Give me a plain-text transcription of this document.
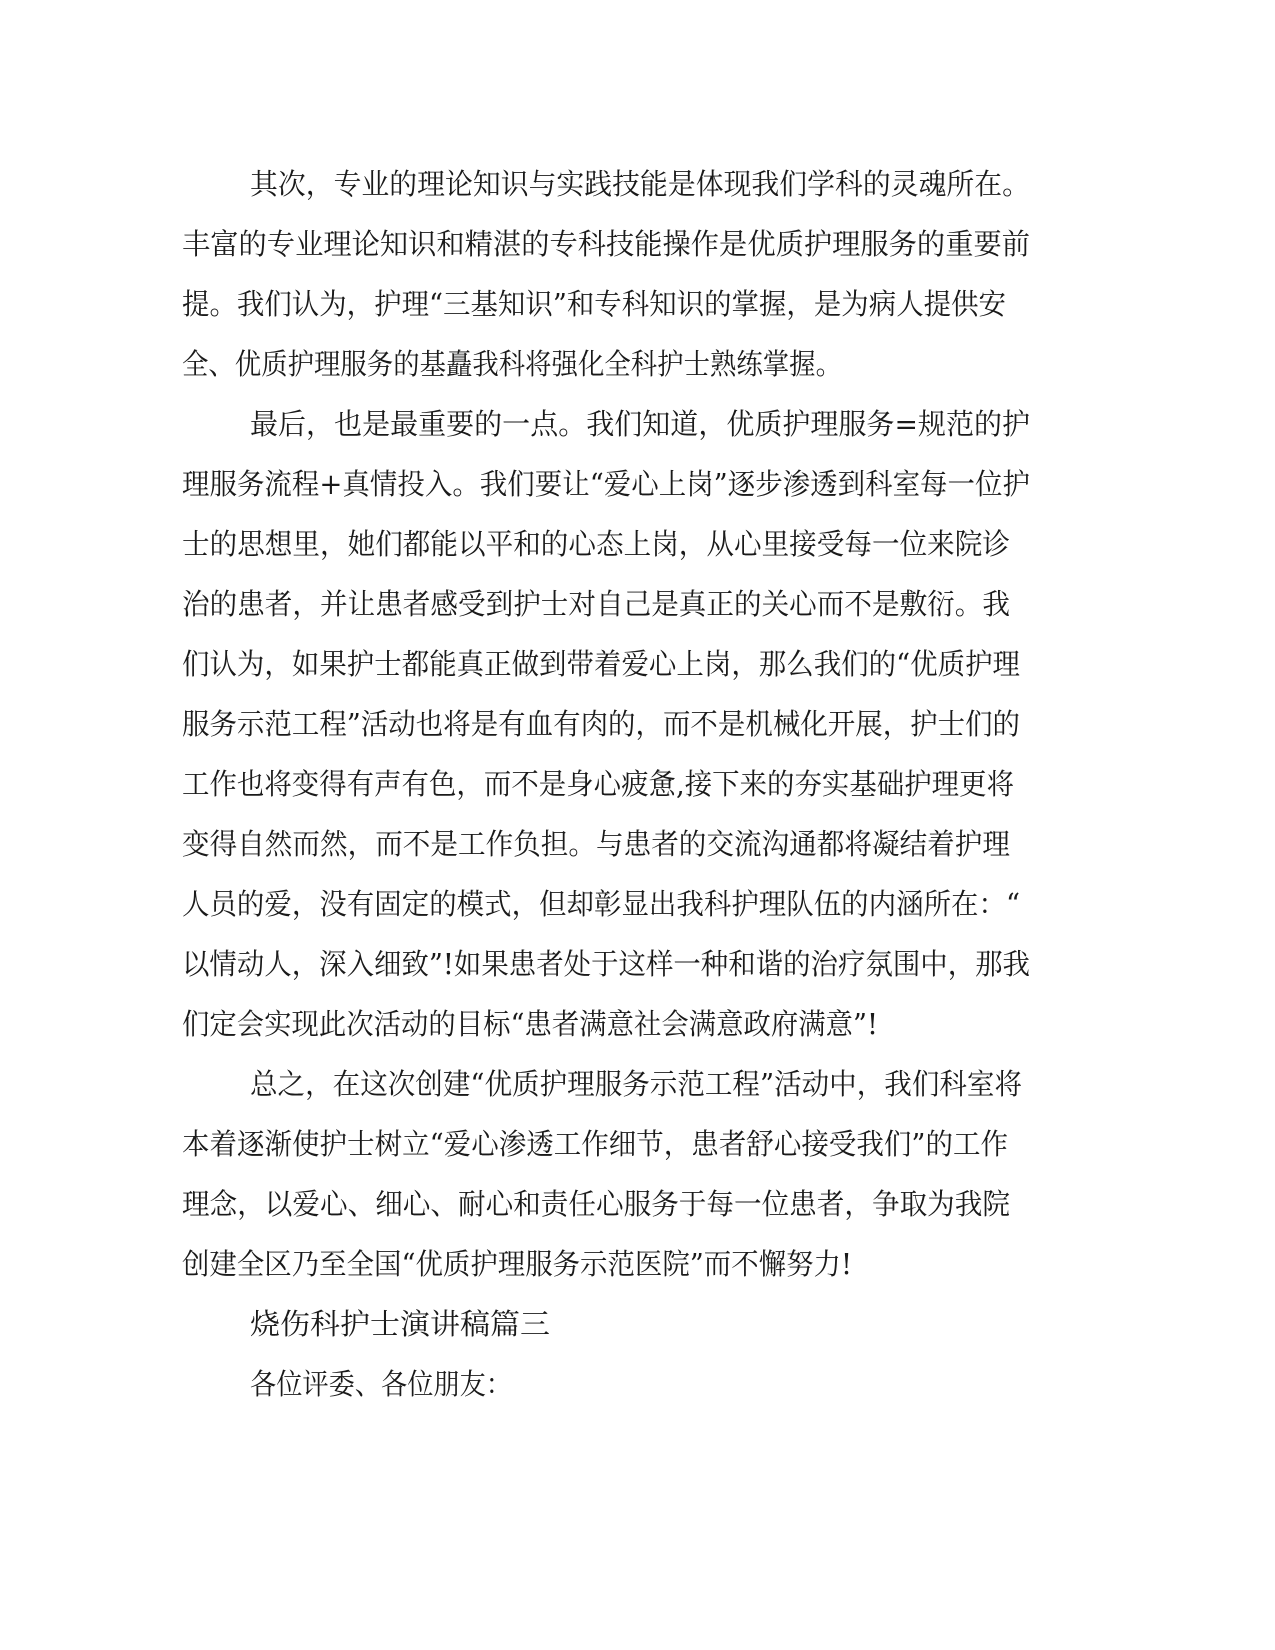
其次，专业的理论知识与实践技能是体现我们学科的灵魂所在。
丰富的专业理论知识和精湛的专科技能操作是优质护理服务的重要前
提。我们认为，护理“三基知识”和专科知识的掌握，是为病人提供安
全、优质护理服务的基矗我科将强化全科护士熟练掌握。
最后，也是最重要的一点。我们知道，优质护理服务=规范的护
理服务流程+真情投入。我们要让“爱心上岗”逐步渗透到科室每一位护
士的思想里，她们都能以平和的心态上岗，从心里接受每一位来院诊
治的患者，并让患者感受到护士对自己是真正的关心而不是敷衍。我
们认为，如果护士都能真正做到带着爱心上岗，那么我们的“优质护理
服务示范工程”活动也将是有血有肉的，而不是机械化开展，护士们的
工作也将变得有声有色，而不是身心疲惫,接下来的夯实基础护理更将
变得自然而然，而不是工作负担。与患者的交流沟通都将凝结着护理
人员的爱，没有固定的模式，但却彰显出我科护理队伍的内涵所在：“
以情动人，深入细致”!如果患者处于这样一种和谐的治疗氛围中，那我
们定会实现此次活动的目标“患者满意社会满意政府满意”!
总之，在这次创建“优质护理服务示范工程”活动中，我们科室将
本着逐渐使护士树立“爱心渗透工作细节，患者舒心接受我们”的工作
理念，以爱心、细心、耐心和责任心服务于每一位患者，争取为我院
创建全区乃至全国“优质护理服务示范医院”而不懈努力!
烧伤科护士演讲稿篇三
各位评委、各位朋友：
